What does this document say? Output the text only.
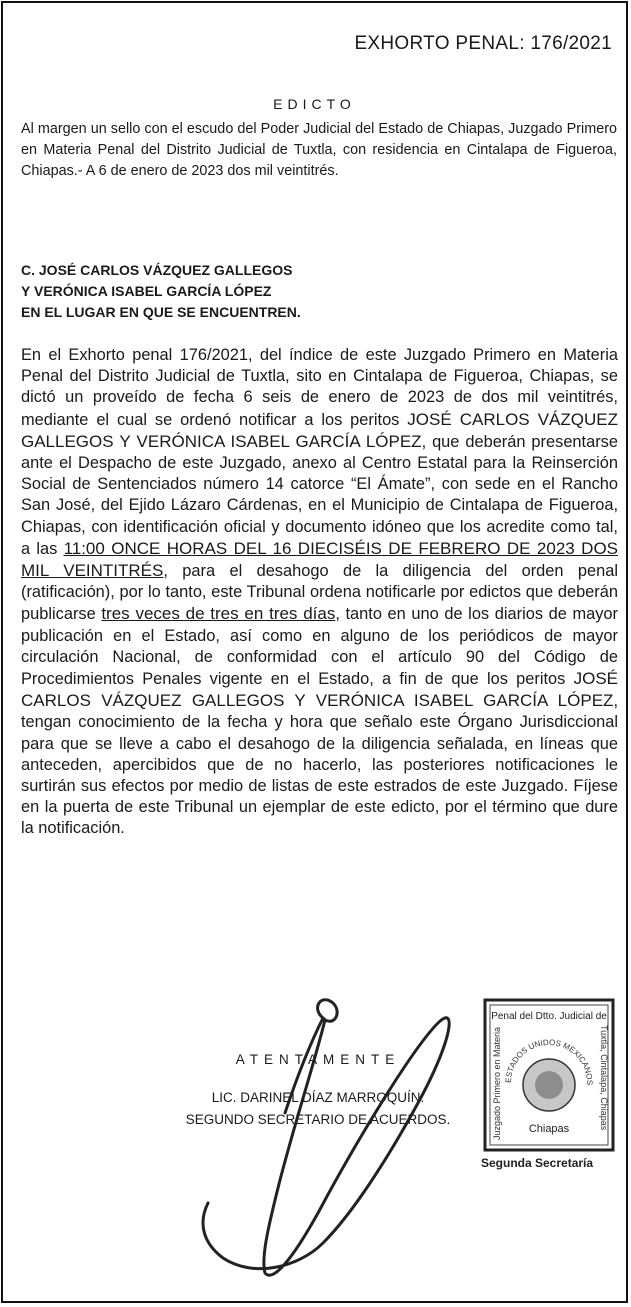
EXHORTO PENAL: 176/2021
EDICTO
Al margen un sello con el escudo del Poder Judicial del Estado de Chiapas, Juzgado Primero en Materia Penal del Distrito Judicial de Tuxtla, con residencia en Cintalapa de Figueroa, Chiapas.- A 6 de enero de 2023 dos mil veintitrés.
C. JOSÉ CARLOS VÁZQUEZ GALLEGOS
Y VERÓNICA ISABEL GARCÍA LÓPEZ
EN EL LUGAR EN QUE SE ENCUENTREN.
En el Exhorto penal 176/2021, del índice de este Juzgado Primero en Materia Penal del Distrito Judicial de Tuxtla, sito en Cintalapa de Figueroa, Chiapas, se dictó un proveído de fecha 6 seis de enero de 2023 de dos mil veintitrés, mediante el cual se ordenó notificar a los peritos JOSÉ CARLOS VÁZQUEZ GALLEGOS Y VERÓNICA ISABEL GARCÍA LÓPEZ, que deberán presentarse ante el Despacho de este Juzgado, anexo al Centro Estatal para la Reinserción Social de Sentenciados número 14 catorce “El Ámate”, con sede en el Rancho San José, del Ejido Lázaro Cárdenas, en el Municipio de Cintalapa de Figueroa, Chiapas, con identificación oficial y documento idóneo que los acredite como tal, a las 11:00 ONCE HORAS DEL 16 DIECISÉIS DE FEBRERO DE 2023 DOS MIL VEINTITRÉS, para el desahogo de la diligencia del orden penal (ratificación), por lo tanto, este Tribunal ordena notificarle por edictos que deberán publicarse tres veces de tres en tres días, tanto en uno de los diarios de mayor publicación en el Estado, así como en alguno de los periódicos de mayor circulación Nacional, de conformidad con el artículo 90 del Código de Procedimientos Penales vigente en el Estado, a fin de que los peritos JOSÉ CARLOS VÁZQUEZ GALLEGOS Y VERÓNICA ISABEL GARCÍA LÓPEZ, tengan conocimiento de la fecha y hora que señalo este Órgano Jurisdiccional para que se lleve a cabo el desahogo de la diligencia señalada, en líneas que anteceden, apercibidos que de no hacerlo, las posteriores notificaciones le surtirán sus efectos por medio de listas de este estrados de este Juzgado. Fíjese en la puerta de este Tribunal un ejemplar de este edicto, por el término que dure la notificación.
ATENTAMENTE
LIC. DARINEL DÍAZ MARROQUÍN.
SEGUNDO SECRETARIO DE ACUERDOS.
Penal del Dtto. Judicial de
Juzgado Primero en Materia	Tuxtla, Cintalapa, Chiapas
ESTADOS UNIDOS MEXICANOS
Chiapas
Segunda Secretaría
